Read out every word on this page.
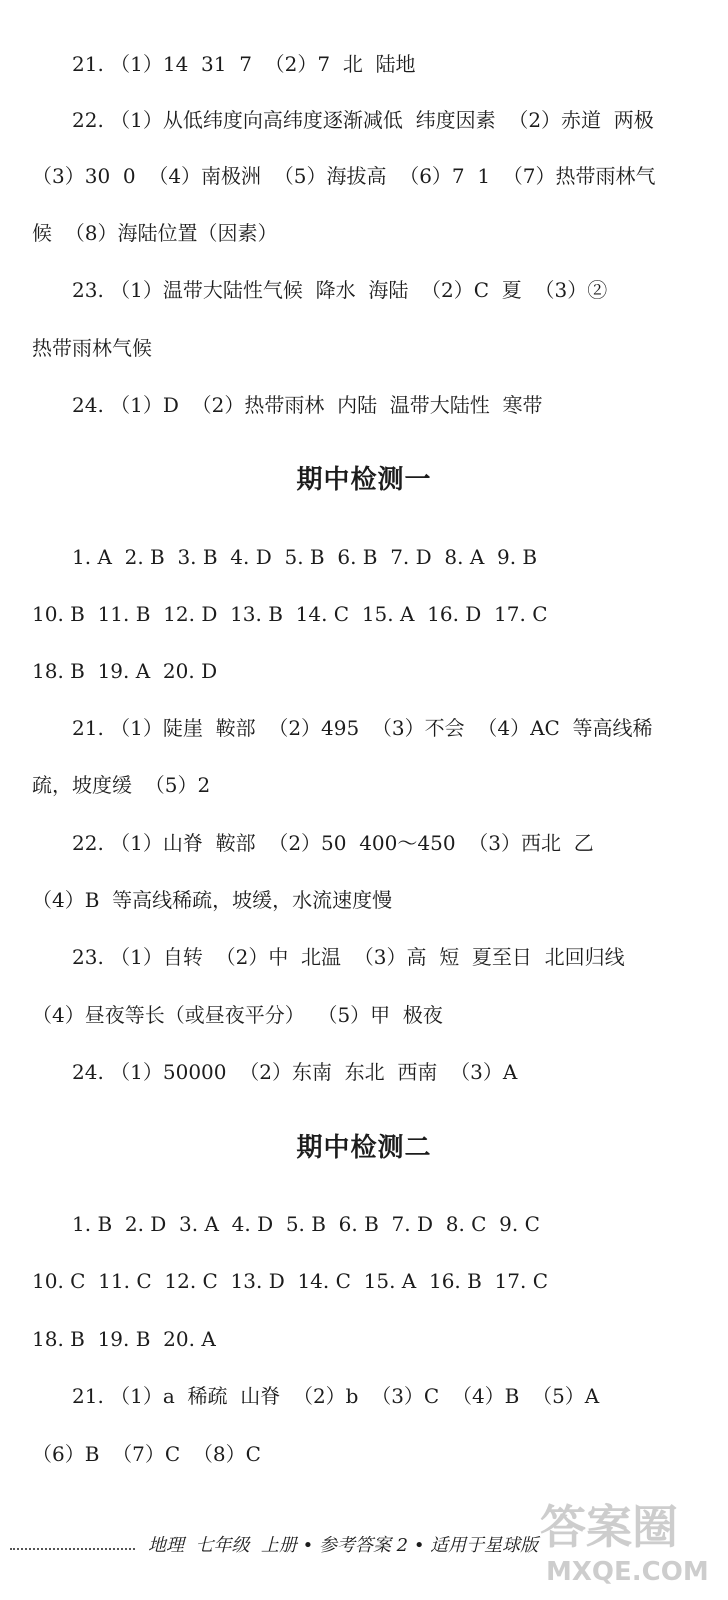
21. （1）14  31  7  （2）7  北  陆地
22. （1）从低纬度向高纬度逐渐减低  纬度因素  （2）赤道  两极
（3）30  0  （4）南极洲  （5）海拔高  （6）7  1  （7）热带雨林气
候  （8）海陆位置（因素）
23. （1）温带大陆性气候  降水  海陆  （2）C  夏  （3）②
热带雨林气候
24. （1）D  （2）热带雨林  内陆  温带大陆性  寒带
期中检测一
1. A  2. B  3. B  4. D  5. B  6. B  7. D  8. A  9. B
10. B  11. B  12. D  13. B  14. C  15. A  16. D  17. C
18. B  19. A  20. D
21. （1）陡崖  鞍部  （2）495  （3）不会  （4）AC  等高线稀
疏，坡度缓  （5）2
22. （1）山脊  鞍部  （2）50  400～450  （3）西北  乙
（4）B  等高线稀疏，坡缓，水流速度慢
23. （1）自转  （2）中  北温  （3）高  短  夏至日  北回归线
（4）昼夜等长（或昼夜平分）  （5）甲  极夜
24. （1）50000  （2）东南  东北  西南  （3）A
期中检测二
1. B  2. D  3. A  4. D  5. B  6. B  7. D  8. C  9. C
10. C  11. C  12. C  13. D  14. C  15. A  16. B  17. C
18. B  19. B  20. A
21. （1）a  稀疏  山脊  （2）b  （3）C  （4）B  （5）A
（6）B  （7）C  （8）C
地理  七年级  上册 • 参考答案 2 • 适用于星球版 答案圈
MXQE.COM
